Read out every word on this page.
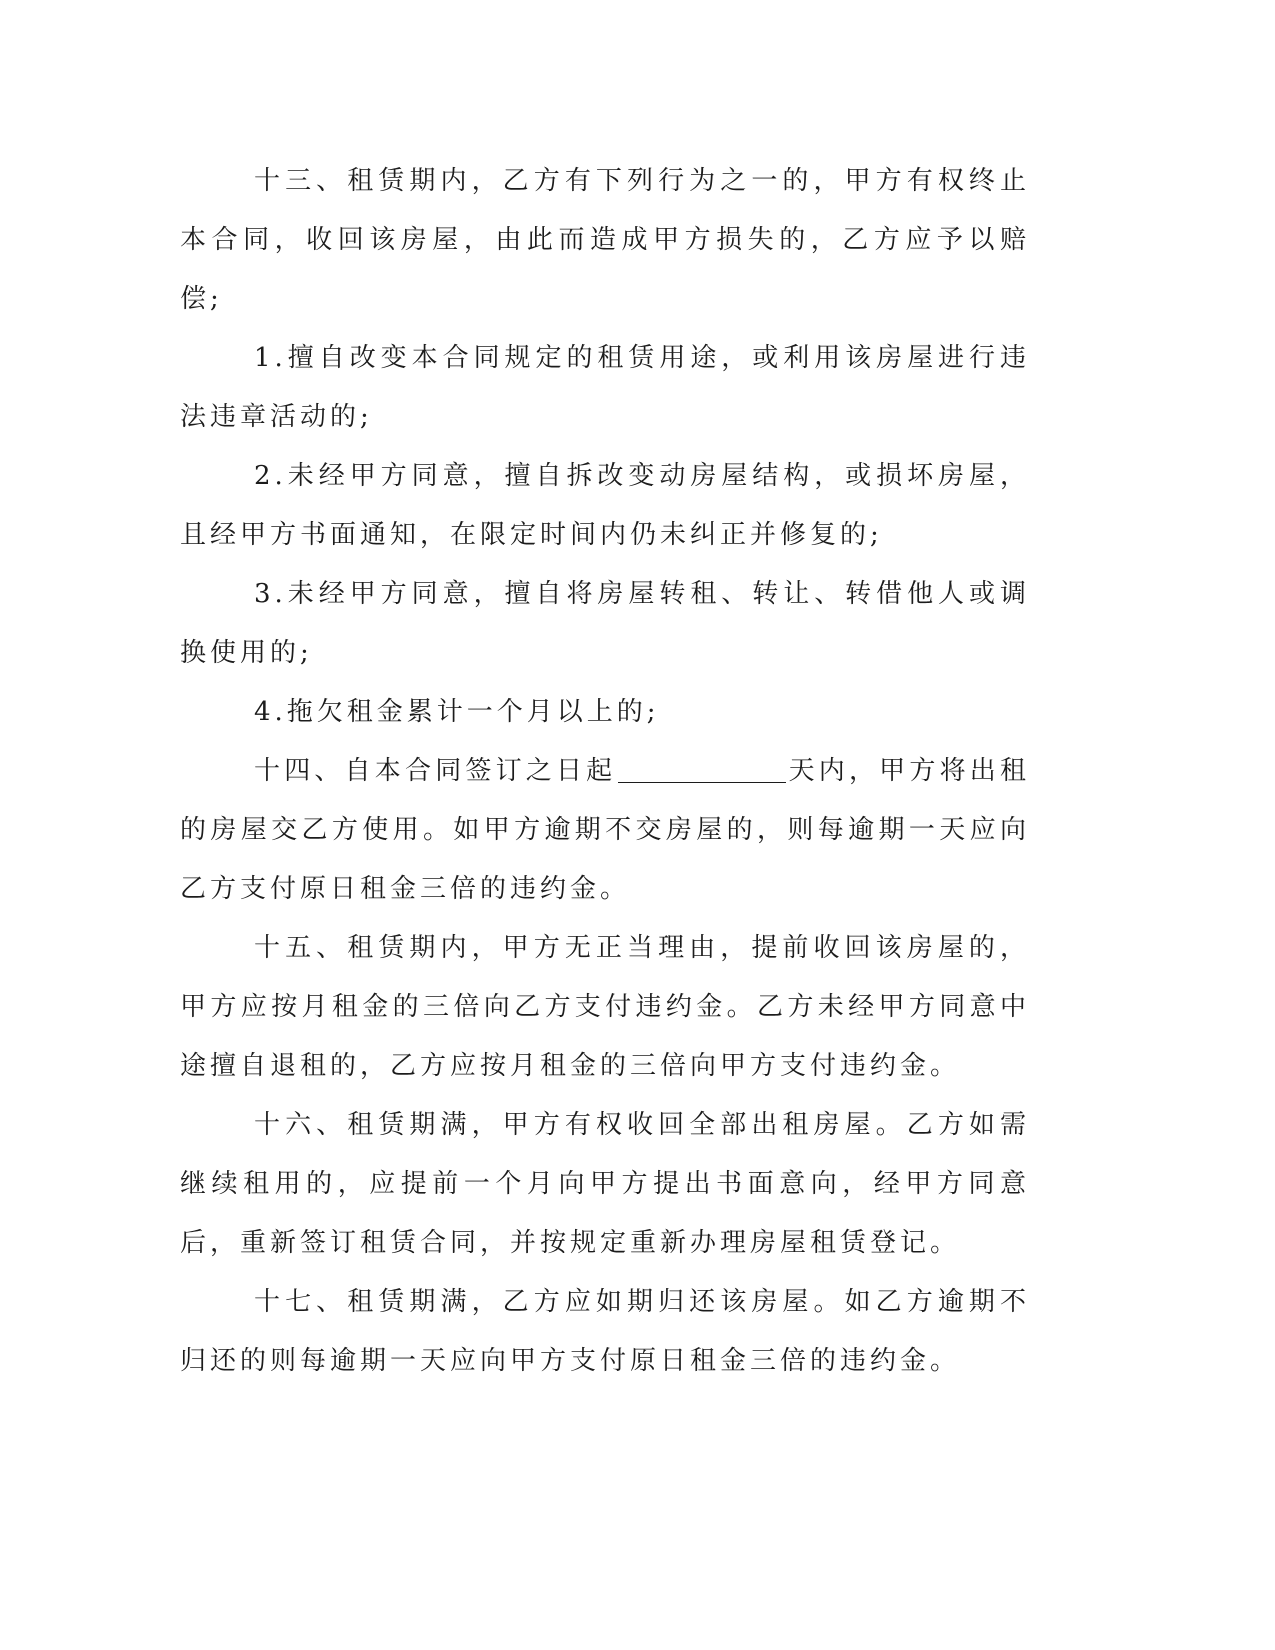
十三、租赁期内，乙方有下列行为之一的，甲方有权终止本合同，收回该房屋，由此而造成甲方损失的，乙方应予以赔偿;

1.擅自改变本合同规定的租赁用途，或利用该房屋进行违法违章活动的;

2.未经甲方同意，擅自拆改变动房屋结构，或损坏房屋，且经甲方书面通知，在限定时间内仍未纠正并修复的;

3.未经甲方同意，擅自将房屋转租、转让、转借他人或调换使用的;

4.拖欠租金累计一个月以上的;

十四、自本合同签订之日起	天内，甲方将出租的房屋交乙方使用。如甲方逾期不交房屋的，则每逾期一天应向乙方支付原日租金三倍的违约金。

十五、租赁期内，甲方无正当理由，提前收回该房屋的，甲方应按月租金的三倍向乙方支付违约金。乙方未经甲方同意中途擅自退租的，乙方应按月租金的三倍向甲方支付违约金。

十六、租赁期满，甲方有权收回全部出租房屋。乙方如需继续租用的，应提前一个月向甲方提出书面意向，经甲方同意后，重新签订租赁合同，并按规定重新办理房屋租赁登记。

十七、租赁期满，乙方应如期归还该房屋。如乙方逾期不归还的则每逾期一天应向甲方支付原日租金三倍的违约金。
